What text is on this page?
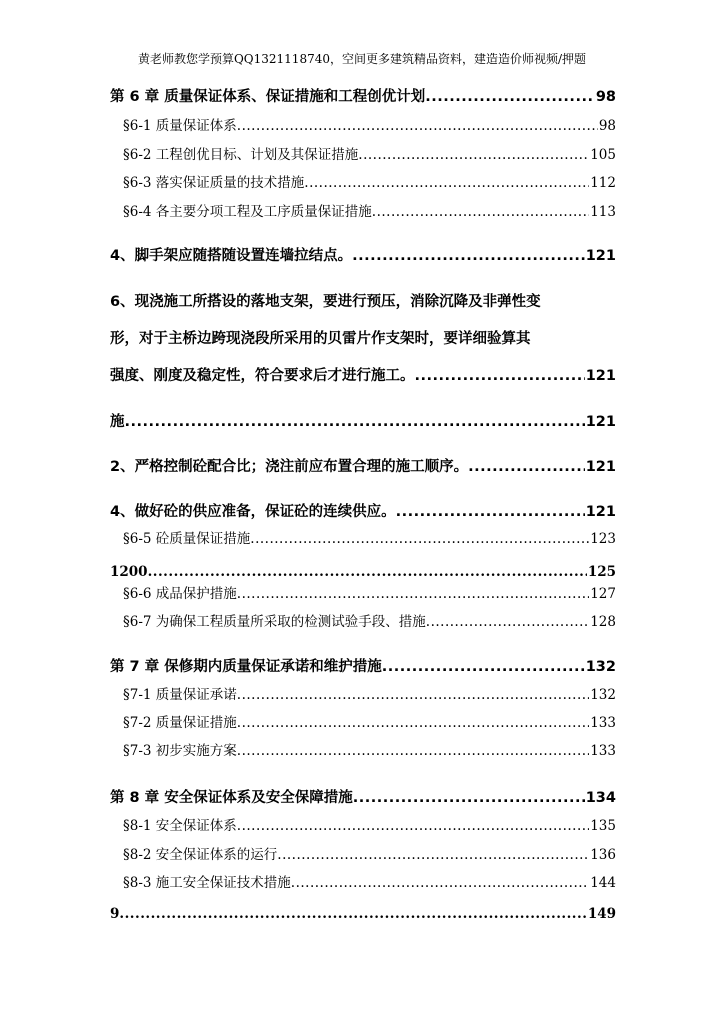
黄老师教您学预算QQ1321118740，空间更多建筑精品资料，建造造价师视频/押题
第 6 章 质量保证体系、保证措施和工程创优计划 .....	98
§6-1 质量保证体系 .....	98
§6-2 工程创优目标、计划及其保证措施 .....	105
§6-3 落实保证质量的技术措施 .....	112
§6-4 各主要分项工程及工序质量保证措施 .....	113
4、脚手架应随搭随设置连墙拉结点。 .....	121
6、现浇施工所搭设的落地支架，要进行预压，消除沉降及非弹性变
形，对于主桥边跨现浇段所采用的贝雷片作支架时，要详细验算其
强度、刚度及稳定性，符合要求后才进行施工。 .....	121
施 .....	121
2、严格控制砼配合比；浇注前应布置合理的施工顺序。 .....	121
4、做好砼的供应准备，保证砼的连续供应。 .....	121
§6-5 砼质量保证措施 .....	123
1200 .....	125
§6-6 成品保护措施 .....	127
§6-7 为确保工程质量所采取的检测试验手段、措施 .....	128
第 7 章 保修期内质量保证承诺和维护措施 .....	132
§7-1 质量保证承诺 .....	132
§7-2 质量保证措施 .....	133
§7-3 初步实施方案 .....	133
第 8 章 安全保证体系及安全保障措施 .....	134
§8-1 安全保证体系 .....	135
§8-2 安全保证体系的运行 .....	136
§8-3 施工安全保证技术措施 .....	144
9 .....	149
